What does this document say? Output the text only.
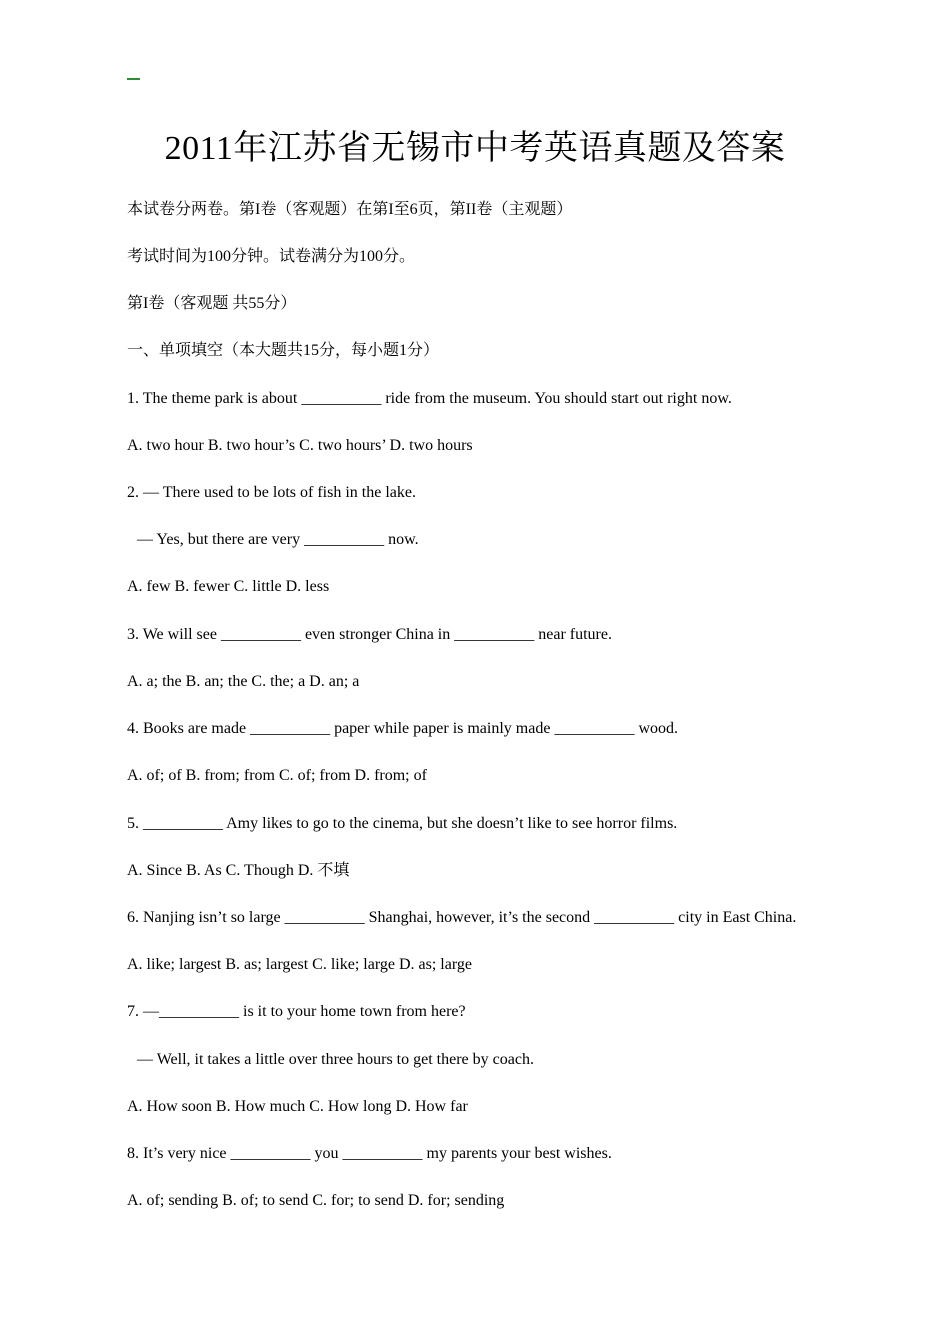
2011年江苏省无锡市中考英语真题及答案
本试卷分两卷。第I卷（客观题）在第I至6页，第II卷（主观题）
考试时间为100分钟。试卷满分为100分。
第I卷（客观题 共55分）
一、单项填空（本大题共15分，每小题1分）
1. The theme park is about __________ ride from the museum. You should start out right now.
A. two hour B. two hour’s C. two hours’ D. two hours
2. — There used to be lots of fish in the lake.
— Yes, but there are very __________ now.
A. few B. fewer C. little D. less
3. We will see __________ even stronger China in __________ near future.
A. a; the B. an; the C. the; a D. an; a
4. Books are made __________ paper while paper is mainly made __________ wood.
A. of; of B. from; from C. of; from D. from; of
5. __________ Amy likes to go to the cinema, but she doesn’t like to see horror films.
A. Since B. As C. Though D. 不填
6. Nanjing isn’t so large __________ Shanghai, however, it’s the second __________ city in East China.
A. like; largest B. as; largest C. like; large D. as; large
7. —__________ is it to your home town from here?
— Well, it takes a little over three hours to get there by coach.
A. How soon B. How much C. How long D. How far
8. It’s very nice __________ you __________ my parents your best wishes.
A. of; sending B. of; to send C. for; to send D. for; sending
